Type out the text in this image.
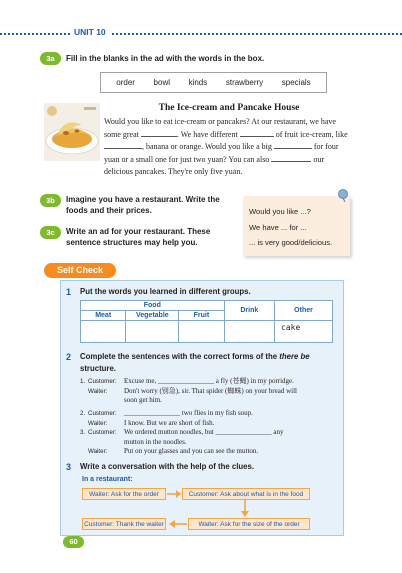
UNIT 10
3a	Fill in the blanks in the ad with the words in the box.
order bowl kinds strawberry specials
The Ice-cream and Pancake House
Would you like to eat ice-cream or pancakes? At our restaurant, we have some great	. We have different	of fruit ice-cream, like , banana or orange. Would you like a big	for four yuan or a small one for just two yuan? You can also	our delicious pancakes. They're only five yuan.
3b	Imagine you have a restaurant. Write the foods and their prices.
3c	Write an ad for your restaurant. These sentence structures may help you.
Would you like ...?
We have ... for ...
... is very good/delicious.
Self Check
1 Put the words you learned in different groups.
Food			Drink	Other
Meat	Vegetable	Fruit		
				cake
2 Complete the sentences with the correct forms of the there be
structure.
1. Customer: Excuse me, ________________ a fly (苍蝇) in my porridge.
Waiter: Don't worry (别急), sir. That spider (蜘蛛) on your bread will
soon get him.
2. Customer: ________________ two flies in my fish soup.
Waiter: I know. But we are short of fish.
3. Customer: We ordered mutton noodles, but ________________ any
mutton in the noodles.
Waiter: Put on your glasses and you can see the mutton.
3 Write a conversation with the help of the clues.
In a restaurant:
Waiter: Ask for the order	Customer: Ask about what is in the food
Waiter: Ask for the size of the order
Customer: Thank the waiter
60
